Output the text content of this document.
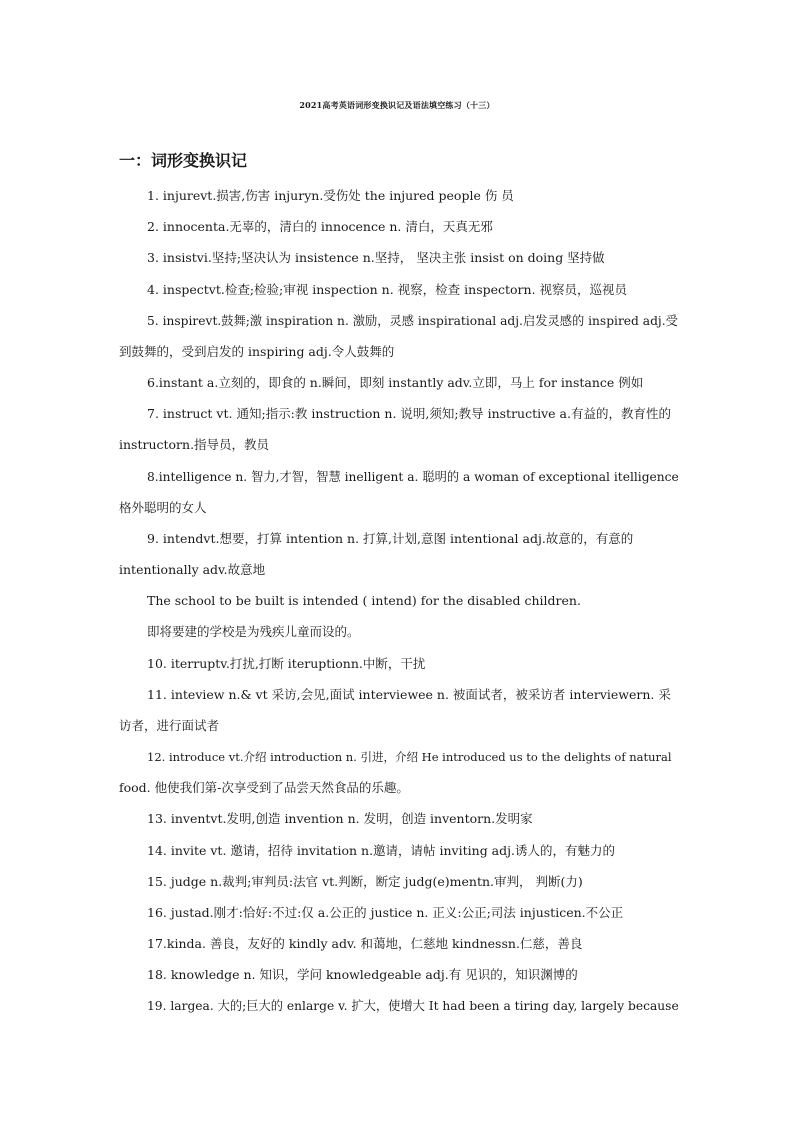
2021高考英语词形变换识记及语法填空练习（十三）
一：词形变换识记
1. injurevt.损害,伤害 injuryn.受伤处 the injured people 伤 员
2. innocenta.无辜的，清白的 innocence n. 清白，天真无邪
3. insistvi.坚持;坚决认为 insistence n.坚持， 坚决主张 insist on doing 坚持做
4. inspectvt.检查;检验;审视 inspection n. 视察，检查 inspectorn. 视察员，巡视员
5. inspirevt.鼓舞;激 inspiration n. 激励，灵感 inspirational adj.启发灵感的 inspired adj.受
到鼓舞的，受到启发的 inspiring adj.令人鼓舞的
6.instant a.立刻的，即食的 n.瞬间，即刻 instantly adv.立即，马上 for instance 例如
7. instruct vt. 通知;指示:教 instruction n. 说明,须知;教导 instructive a.有益的，教育性的
instructorn.指导员，教员
8.intelligence n. 智力,才智，智慧 inelligent a. 聪明的 a woman of exceptional itelligence
格外聪明的女人
9. intendvt.想要，打算 intention n. 打算,计划,意图 intentional adj.故意的，有意的
intentionally adv.故意地
The school to be built is intended ( intend) for the disabled children.
即将要建的学校是为残疾儿童而设的。
10. iterruptv.打扰,打断 iteruptionn.中断，干扰
11. inteview n.& vt 采访,会见,面试 interviewee n. 被面试者，被采访者 interviewern. 采
访者，进行面试者
12. introduce vt.介绍 introduction n. 引进，介绍 He introduced us to the delights of natural
food. 他使我们第-次享受到了品尝天然食品的乐趣。
13. inventvt.发明,创造 invention n. 发明，创造 inventorn.发明家
14. invite vt. 邀请，招待 invitation n.邀请，请帖 inviting adj.诱人的，有魅力的
15. judge n.裁判;审判员:法官 vt.判断，断定 judg(e)mentn.审判， 判断(力)
16. justad.刚才:恰好:不过:仅 a.公正的 justice n. 正义:公正;司法 injusticen.不公正
17.kinda. 善良，友好的 kindly adv. 和蔼地，仁慈地 kindnessn.仁慈，善良
18. knowledge n. 知识，学问 knowledgeable adj.有 见识的，知识渊博的
19. largea. 大的;巨大的 enlarge v. 扩大，使增大 It had been a tiring day, largely because
